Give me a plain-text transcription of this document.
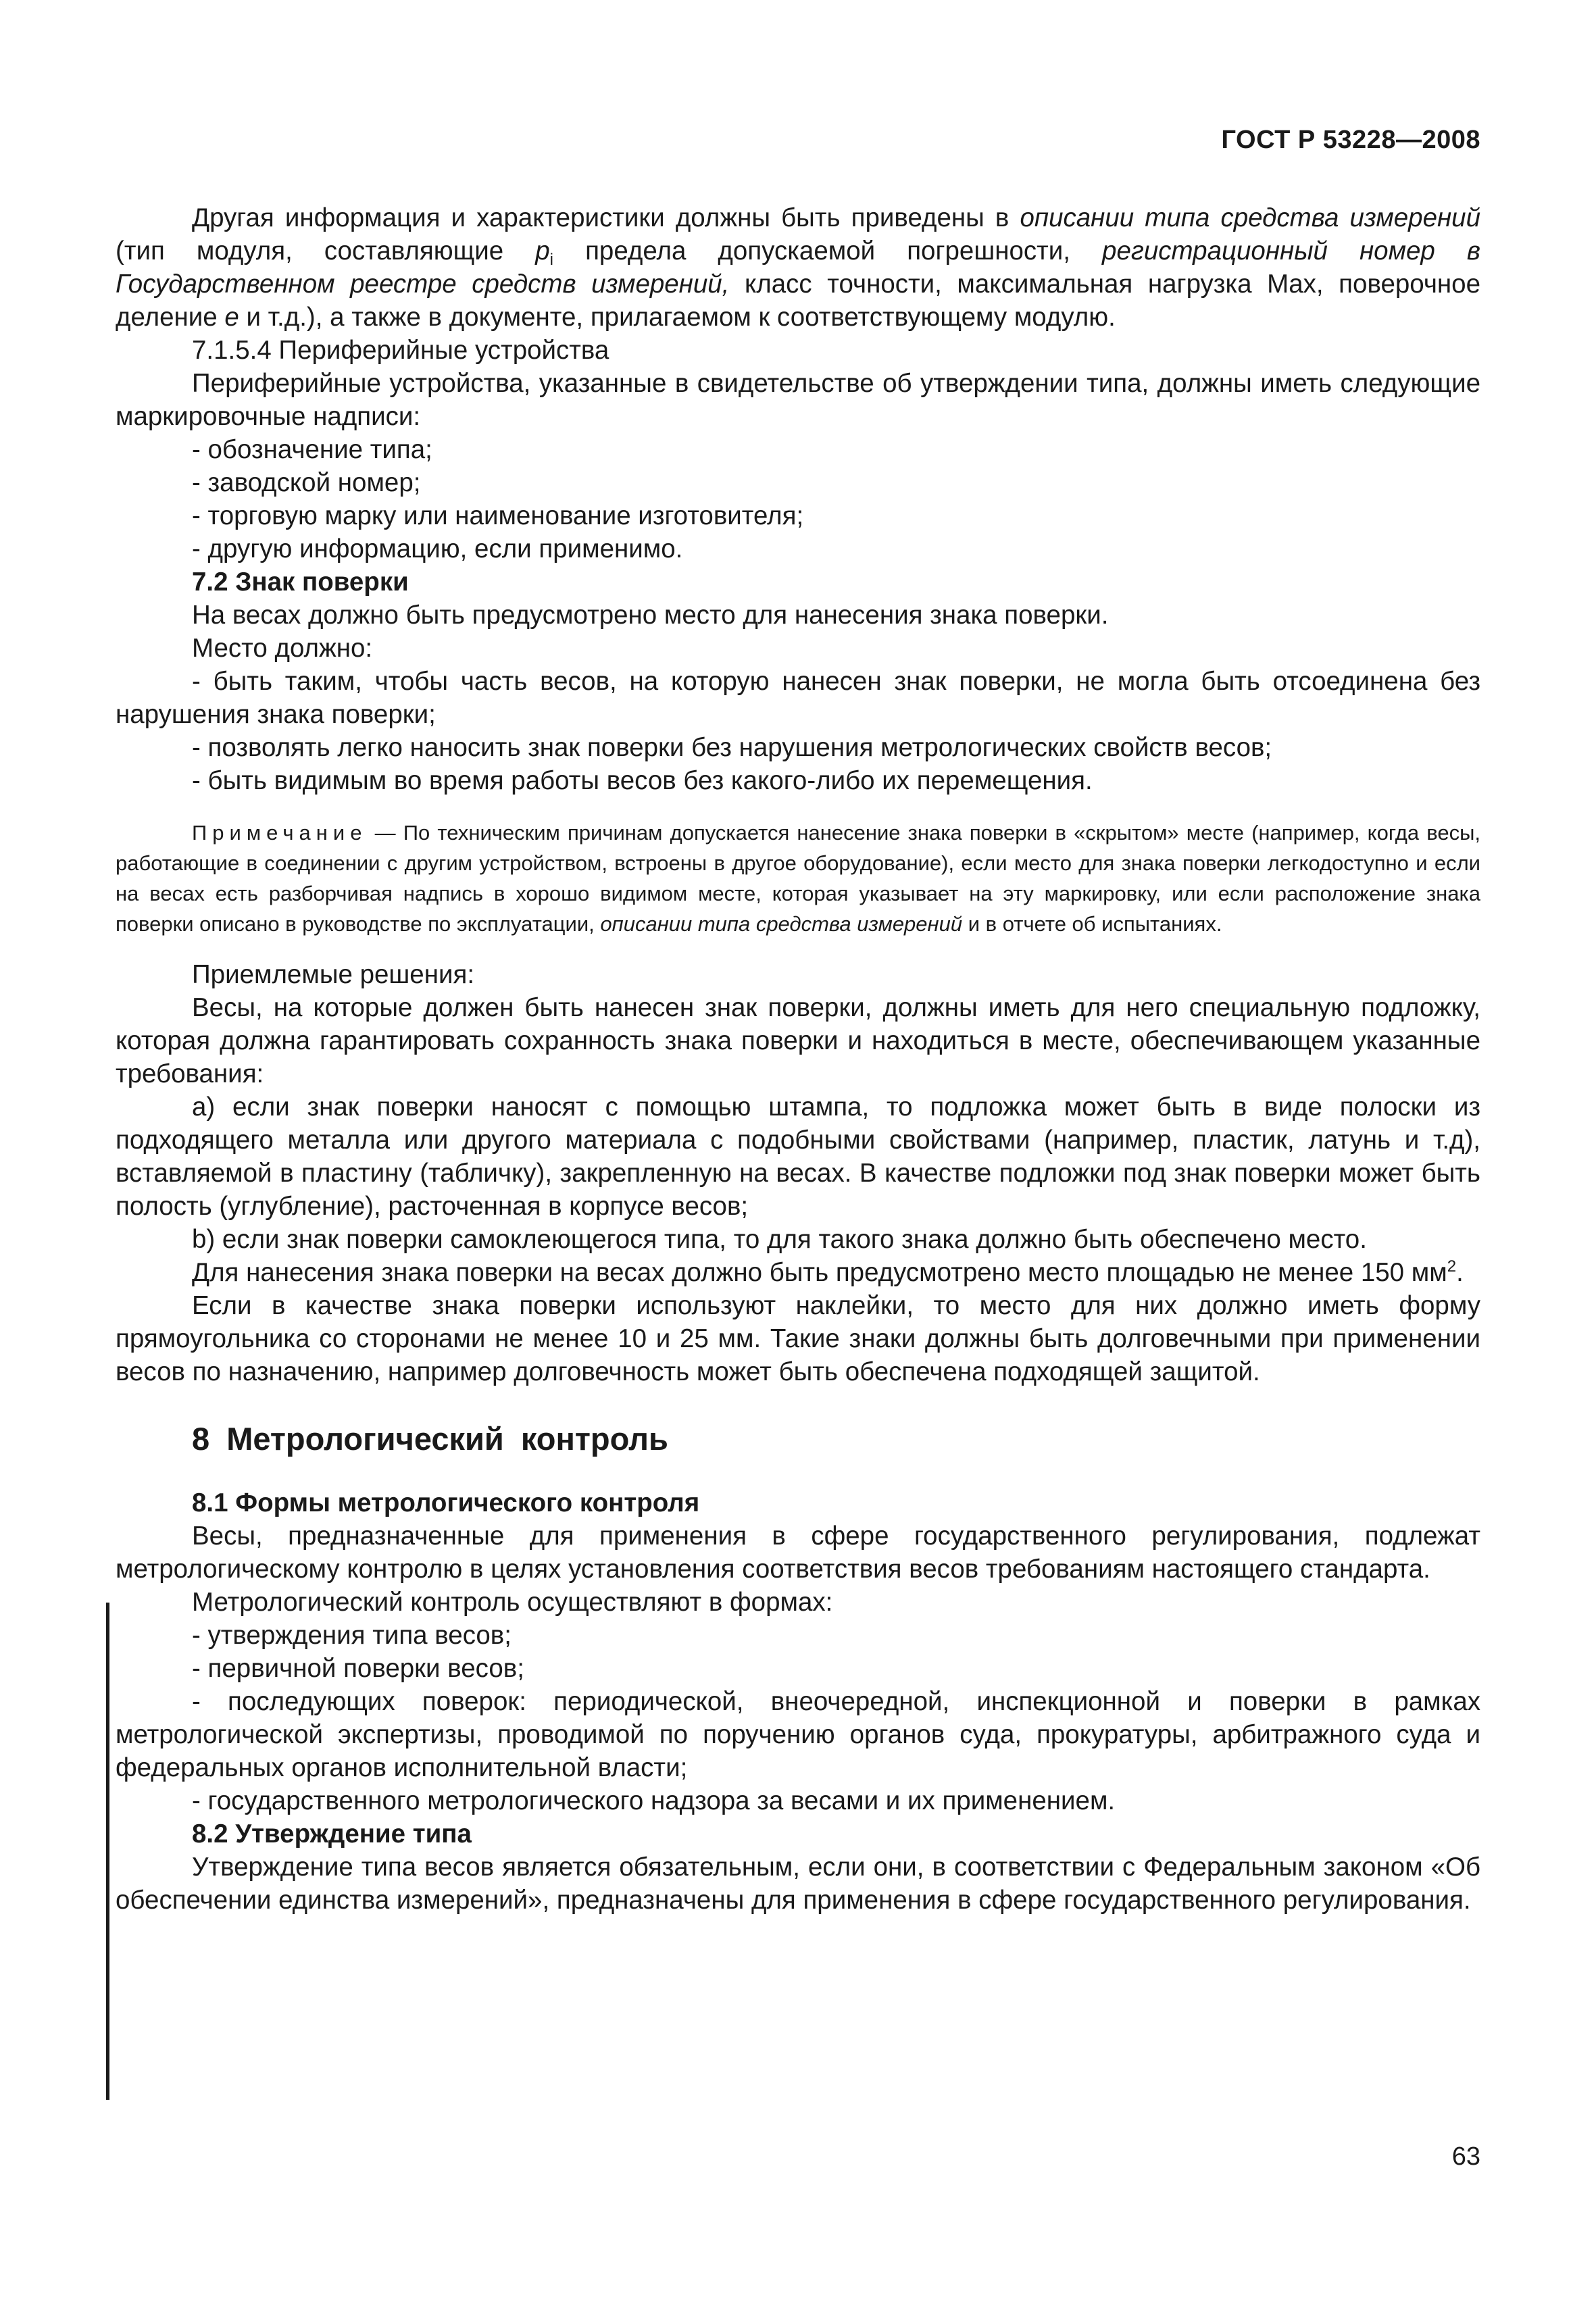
ГОСТ Р 53228—2008

Другая информация и характеристики должны быть приведены в описании типа средства измерений (тип модуля, составляющие $p_i$ предела допускаемой погрешности, регистрационный номер в Государственном реестре средств измерений, класс точности, максимальная нагрузка Max, поверочное деление e и т.д.), а также в документе, прилагаемом к соответствующему модулю.

7.1.5.4 Периферийные устройства

Периферийные устройства, указанные в свидетельстве об утверждении типа, должны иметь следующие маркировочные надписи:

- обозначение типа;

- заводской номер;

- торговую марку или наименование изготовителя;

- другую информацию, если применимо.

7.2 Знак поверки

На весах должно быть предусмотрено место для нанесения знака поверки.

Место должно:

- быть таким, чтобы часть весов, на которую нанесен знак поверки, не могла быть отсоединена без нарушения знака поверки;

- позволять легко наносить знак поверки без нарушения метрологических свойств весов;

- быть видимым во время работы весов без какого-либо их перемещения.

Примечание — По техническим причинам допускается нанесение знака поверки в «скрытом» месте (например, когда весы, работающие в соединении с другим устройством, встроены в другое оборудование), если место для знака поверки легкодоступно и если на весах есть разборчивая надпись в хорошо видимом месте, которая указывает на эту маркировку, или если расположение знака поверки описано в руководстве по эксплуатации, описании типа средства измерений и в отчете об испытаниях.

Приемлемые решения:

Весы, на которые должен быть нанесен знак поверки, должны иметь для него специальную подложку, которая должна гарантировать сохранность знака поверки и находиться в месте, обеспечивающем указанные требования:

а) если знак поверки наносят с помощью штампа, то подложка может быть в виде полоски из подходящего металла или другого материала с подобными свойствами (например, пластик, латунь и т.д), вставляемой в пластину (табличку), закрепленную на весах. В качестве подложки под знак поверки может быть полость (углубление), расточенная в корпусе весов;

b) если знак поверки самоклеющегося типа, то для такого знака должно быть обеспечено место.

Для нанесения знака поверки на весах должно быть предусмотрено место площадью не менее 150 $мм^2$.

Если в качестве знака поверки используют наклейки, то место для них должно иметь форму прямоугольника со сторонами не менее 10 и 25 мм. Такие знаки должны быть долговечными при применении весов по назначению, например долговечность может быть обеспечена подходящей защитой.

8 Метрологический контроль

8.1 Формы метрологического контроля

Весы, предназначенные для применения в сфере государственного регулирования, подлежат метрологическому контролю в целях установления соответствия весов требованиям настоящего стандарта.

Метрологический контроль осуществляют в формах:

- утверждения типа весов;

- первичной поверки весов;

- последующих поверок: периодической, внеочередной, инспекционной и поверки в рамках метрологической экспертизы, проводимой по поручению органов суда, прокуратуры, арбитражного суда и федеральных органов исполнительной власти;

- государственного метрологического надзора за весами и их применением.

8.2 Утверждение типа

Утверждение типа весов является обязательным, если они, в соответствии с Федеральным законом «Об обеспечении единства измерений», предназначены для применения в сфере государственного регулирования.

63
